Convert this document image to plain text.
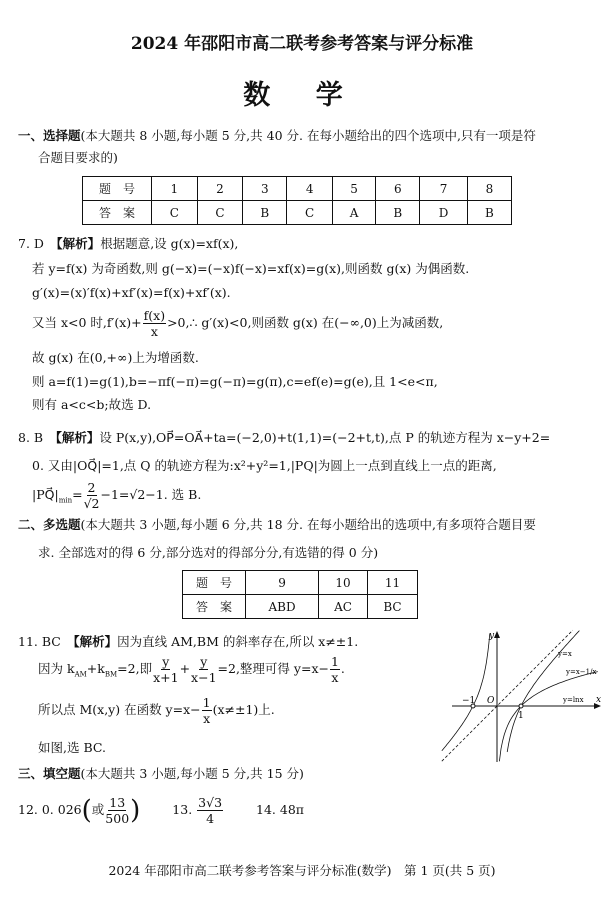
2024 年邵阳市高二联考参考答案与评分标准
数 学
一、选择题(本大题共 8 小题,每小题 5 分,共 40 分. 在每小题给出的四个选项中,只有一项是符
合题目要求的)
题　号	1	2	3	4	5	6	7	8
答　案	C	C	B	C	A	B	D	B
7. D　【解析】根据题意,设 g(x)=xf(x),
若 y=f(x) 为奇函数,则 g(−x)=(−x)f(−x)=xf(x)=g(x),则函数 g(x) 为偶函数.
g′(x)=(x)′f(x)+xf′(x)=f(x)+xf′(x).
又当 x<0 时$,f'(x)+ \frac{f(x)}{x}$ >0,∴ g′(x)<0,则函数 g(x) 在(−∞,0)上为减函数,
故 g(x) 在(0,+∞)上为增函数.
则 a=f(1)=g(1),b=−πf(−π)=g(−π)=g(π),c=ef(e)=g(e),且 1<e<π,
则有 a<c<b;故选 D.
8. B　【解析】设 P(x,y),OP⃗=OA⃗+ta=(−2,0)+t(1,1)=(−2+t,t),点 P 的轨迹方程为 x−y+2=
0. 又由|OQ⃗|=1,点 Q 的轨迹方程为:x²+y²=1,|PQ|为圆上一点到直线上一点的距离,
$|PQ⃗|_{min}= \frac{2}{√2} -1=√2-1$. 选 B.
二、多选题(本大题共 3 小题,每小题 6 分,共 18 分. 在每小题给出的选项中,有多项符合题目要
求. 全部选对的得 6 分,部分选对的得部分分,有选错的得 0 分)
题　号	9	10	11
答　案	ABD	AC	BC
11. BC　【解析】因为直线 AM,BM 的斜率存在,所以 x≠±1.
因为 $k_{AM}+k_{BM}=2$,即 $\frac{y}{x+1} + \frac{y}{x-1} =2$,整理可得 $y=x- \frac{1}{x}$ .
所以点 M(x,y) 在函数 $y=x- \frac{1}{x} (x\ne\pm 1)$上.
如图,选 BC.
y
x
O
−1
1
y=x
y=x−1/x
y=lnx
三、填空题(本大题共 3 小题,每小题 5 分,共 15 分)
12. 0. 026(或 $\frac{13}{500}$ )	13. $\frac{3√3}{4}$	14. 48π
2024 年邵阳市高二联考参考答案与评分标准(数学)　第 1 页(共 5 页)
